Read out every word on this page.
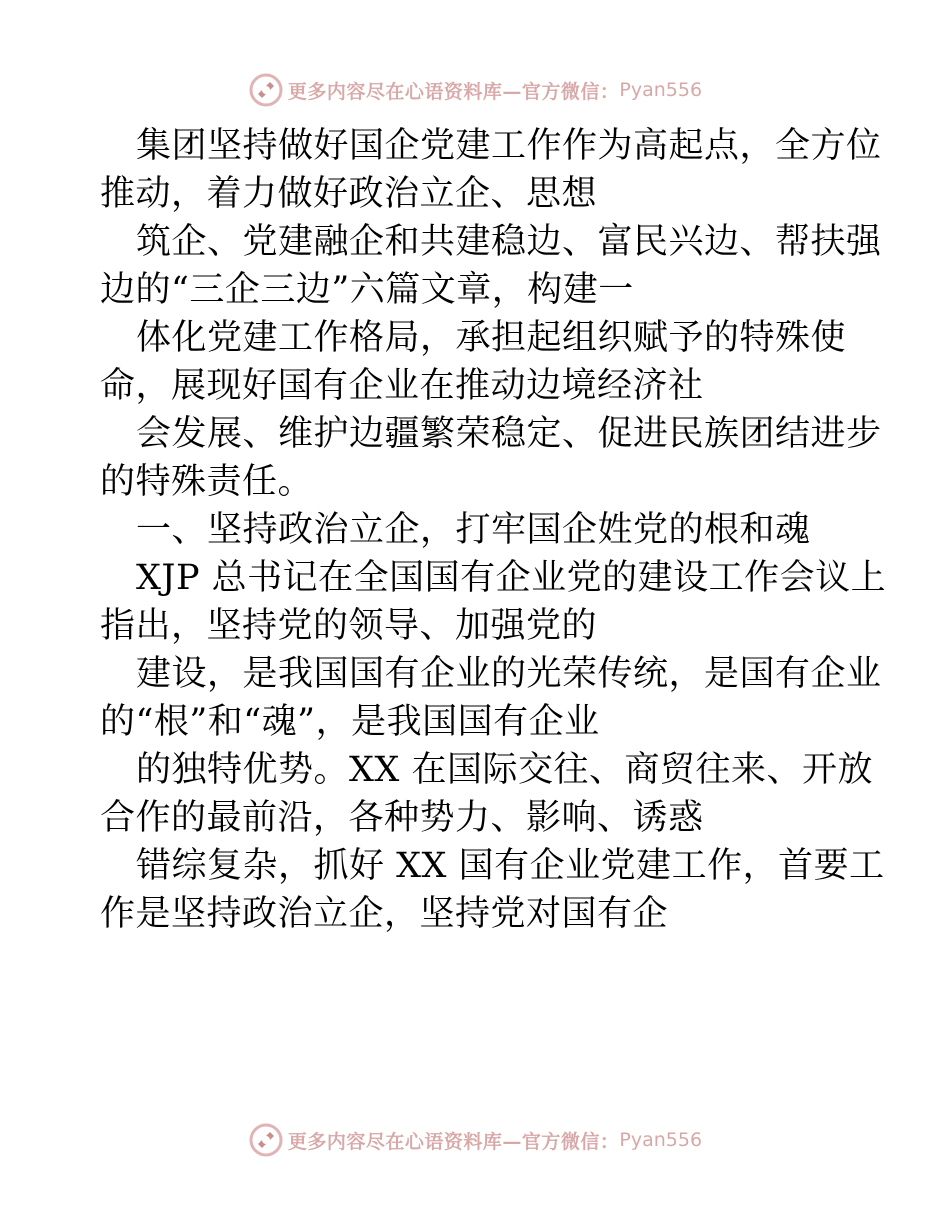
更多内容尽在心语资料库—官方微信： Pyan556
集团坚持做好国企党建工作作为高起点，全方位
推动，着力做好政治立企、思想
筑企、党建融企和共建稳边、富民兴边、帮扶强
边的“三企三边”六篇文章，构建一
体化党建工作格局，承担起组织赋予的特殊使
命，展现好国有企业在推动边境经济社
会发展、维护边疆繁荣稳定、促进民族团结进步
的特殊责任。
一、坚持政治立企，打牢国企姓党的根和魂
XJP 总书记在全国国有企业党的建设工作会议上
指出，坚持党的领导、加强党的
建设，是我国国有企业的光荣传统，是国有企业
的“根”和“魂”，是我国国有企业
的独特优势。XX 在国际交往、商贸往来、开放
合作的最前沿，各种势力、影响、诱惑
错综复杂，抓好 XX 国有企业党建工作，首要工
作是坚持政治立企，坚持党对国有企
更多内容尽在心语资料库—官方微信： Pyan556
